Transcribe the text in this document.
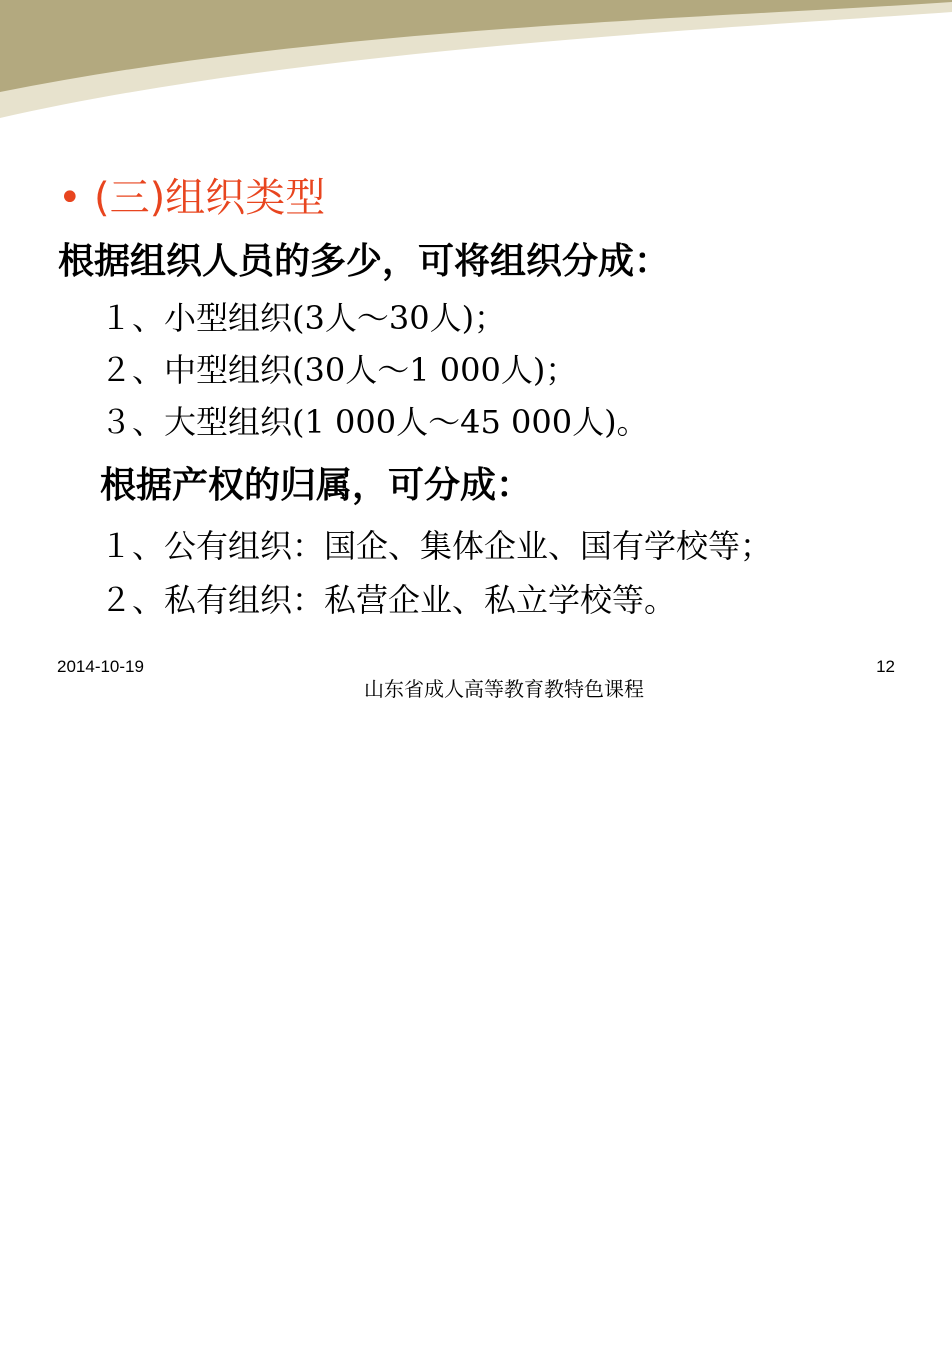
• (三)组织类型
根据组织人员的多少，可将组织分成：
１、小型组织(3人～30人)；
２、中型组织(30人～1 000人)；
３、大型组织(1 000人～45 000人)。
根据产权的归属，可分成：
１、公有组织：国企、集体企业、国有学校等；
２、私有组织：私营企业、私立学校等。
2014-10-19	12
山东省成人高等教育教特色课程
